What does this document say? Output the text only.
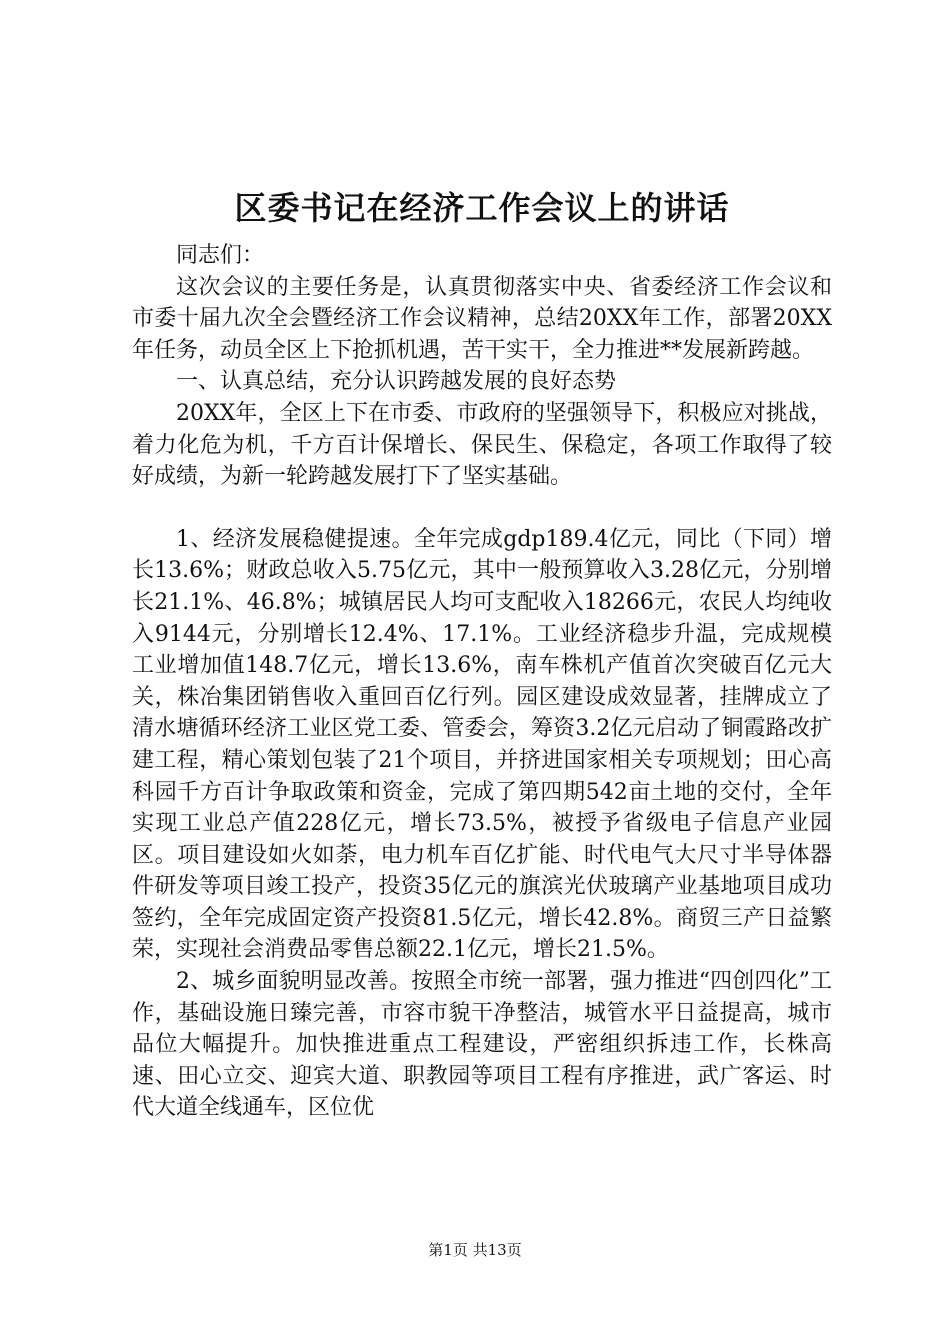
区委书记在经济工作会议上的讲话

同志们：

这次会议的主要任务是，认真贯彻落实中央、省委经济工作会议和市委十届九次全会暨经济工作会议精神，总结20XX年工作，部署20XX年任务，动员全区上下抢抓机遇，苦干实干，全力推进**发展新跨越。

一、认真总结，充分认识跨越发展的良好态势

20XX年，全区上下在市委、市政府的坚强领导下，积极应对挑战，着力化危为机，千方百计保增长、保民生、保稳定，各项工作取得了较好成绩，为新一轮跨越发展打下了坚实基础。

1、经济发展稳健提速。全年完成gdp189.4亿元，同比（下同）增长13.6%；财政总收入5.75亿元，其中一般预算收入3.28亿元，分别增长21.1%、46.8%；城镇居民人均可支配收入18266元，农民人均纯收入9144元，分别增长12.4%、17.1%。工业经济稳步升温，完成规模工业增加值148.7亿元，增长13.6%，南车株机产值首次突破百亿元大关，株冶集团销售收入重回百亿行列。园区建设成效显著，挂牌成立了清水塘循环经济工业区党工委、管委会，筹资3.2亿元启动了铜霞路改扩建工程，精心策划包装了21个项目，并挤进国家相关专项规划；田心高科园千方百计争取政策和资金，完成了第四期542亩土地的交付，全年实现工业总产值228亿元，增长73.5%，被授予省级电子信息产业园区。项目建设如火如荼，电力机车百亿扩能、时代电气大尺寸半导体器件研发等项目竣工投产，投资35亿元的旗滨光伏玻璃产业基地项目成功签约，全年完成固定资产投资81.5亿元，增长42.8%。商贸三产日益繁荣，实现社会消费品零售总额22.1亿元，增长21.5%。

2、城乡面貌明显改善。按照全市统一部署，强力推进“四创四化”工作，基础设施日臻完善，市容市貌干净整洁，城管水平日益提高，城市品位大幅提升。加快推进重点工程建设，严密组织拆违工作，长株高速、田心立交、迎宾大道、职教园等项目工程有序推进，武广客运、时代大道全线通车，区位优

第1页 共13页
